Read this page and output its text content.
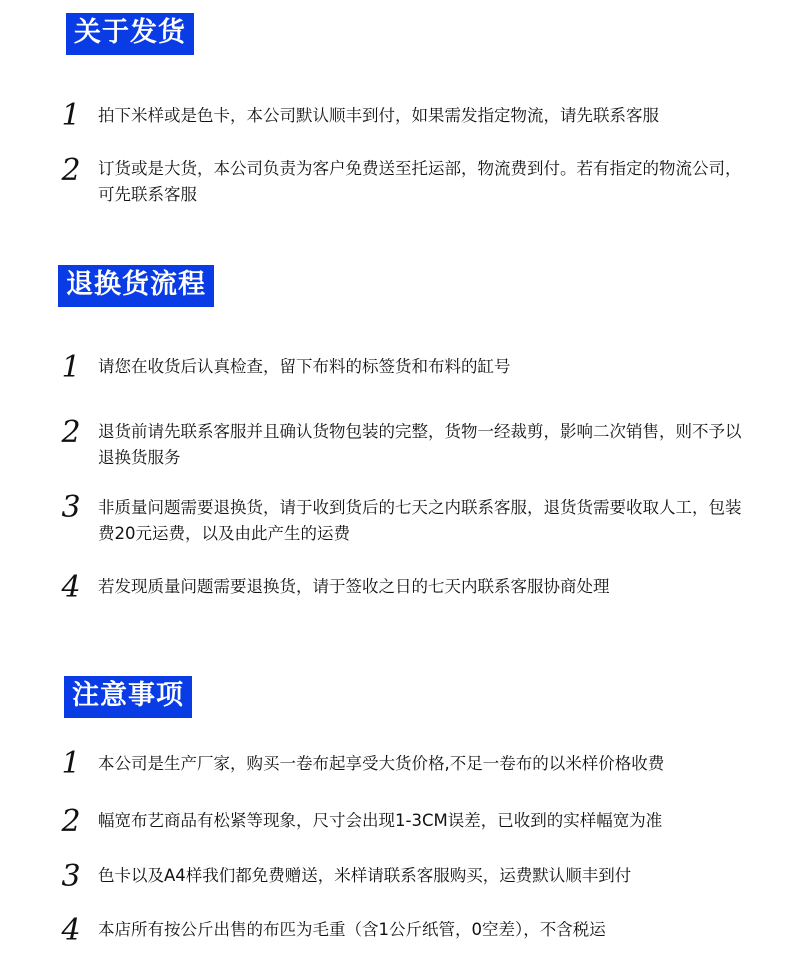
关于发货
1 拍下米样或是色卡，本公司默认顺丰到付，如果需发指定物流，请先联系客服
2 订货或是大货，本公司负责为客户免费送至托运部，物流费到付。若有指定的物流公司，可先联系客服
退换货流程
1 请您在收货后认真检查，留下布料的标签货和布料的缸号
2 退货前请先联系客服并且确认货物包装的完整，货物一经裁剪，影响二次销售，则不予以退换货服务
3 非质量问题需要退换货，请于收到货后的七天之内联系客服，退货货需要收取人工，包装费20元运费，以及由此产生的运费
4 若发现质量问题需要退换货，请于签收之日的七天内联系客服协商处理
注意事项
1 本公司是生产厂家，购买一卷布起享受大货价格,不足一卷布的以米样价格收费
2 幅宽布艺商品有松紧等现象，尺寸会出现1-3CM误差，已收到的实样幅宽为准
3 色卡以及A4样我们都免费赠送，米样请联系客服购买，运费默认顺丰到付
4 本店所有按公斤出售的布匹为毛重（含1公斤纸管，0空差），不含税运
